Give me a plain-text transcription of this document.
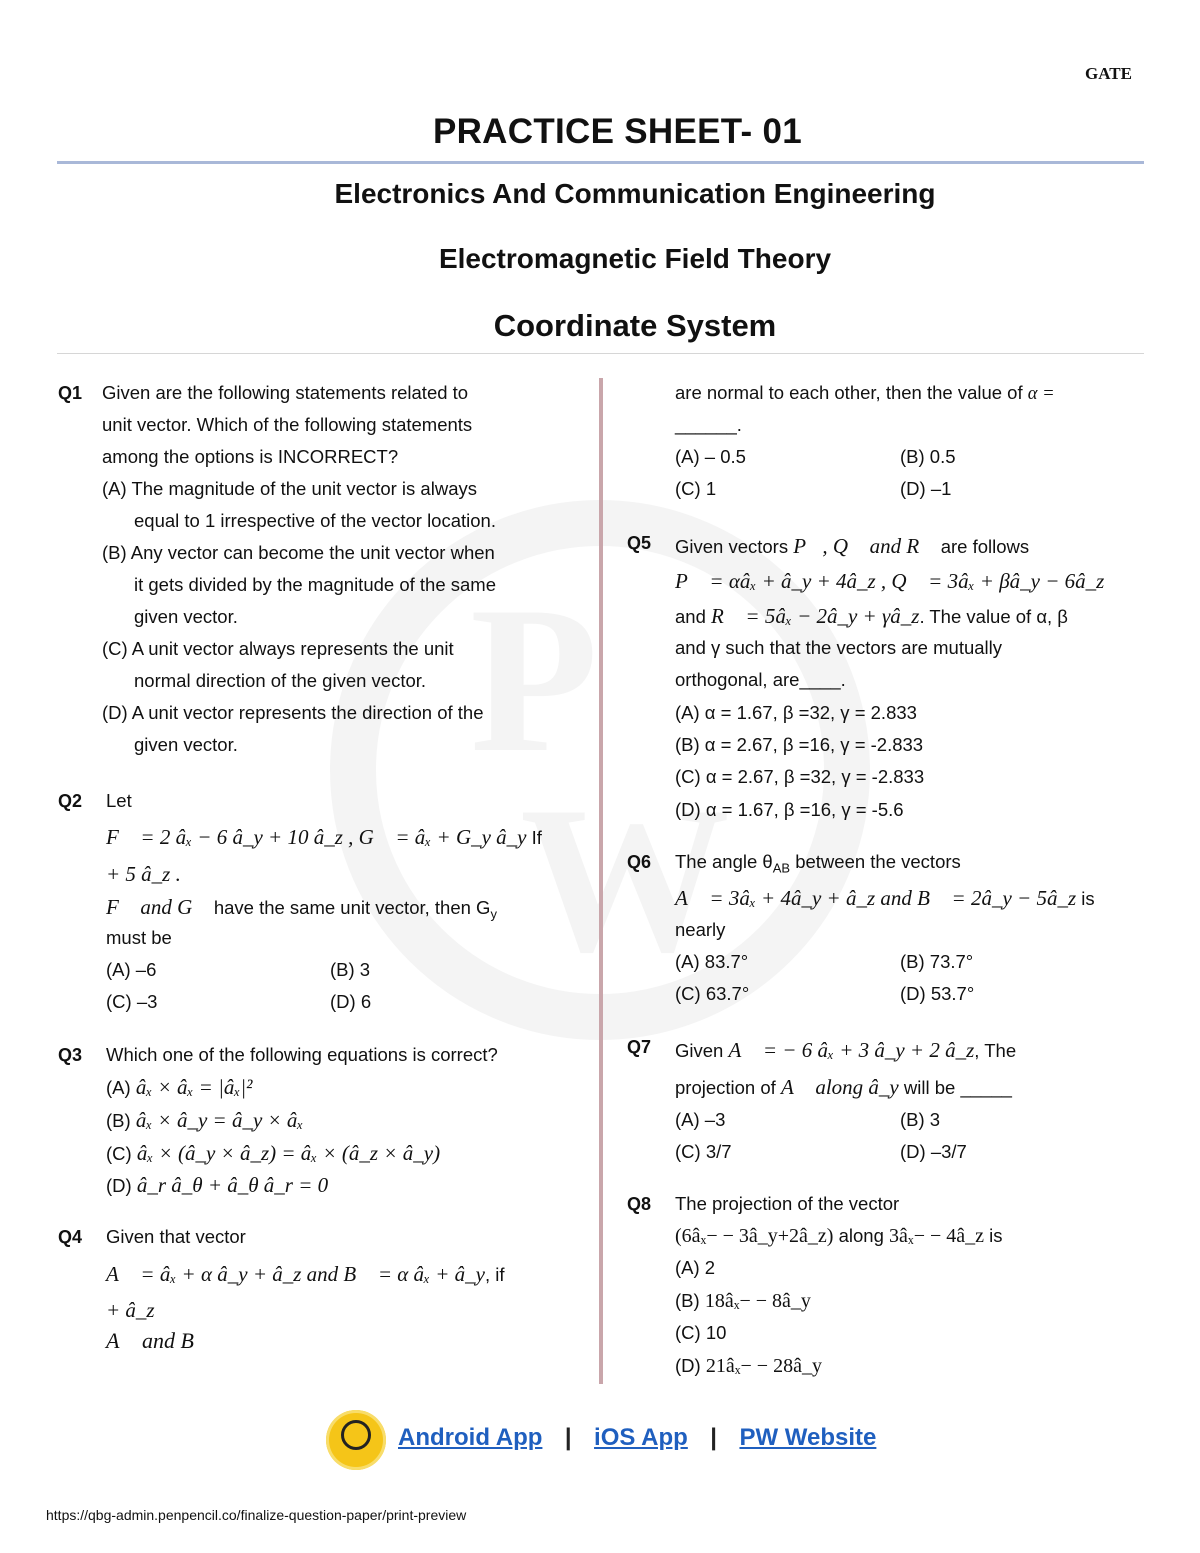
GATE
PRACTICE SHEET- 01
Electronics And Communication Engineering
Electromagnetic Field Theory
Coordinate System
Q1 Given are the following statements related to
unit vector. Which of the following statements
among the options is INCORRECT?
(A) The magnitude of the unit vector is always
equal to 1 irrespective of the vector location.
(B) Any vector can become the unit vector when
it gets divided by the magnitude of the same
given vector.
(C) A unit vector always represents the unit
normal direction of the given vector.
(D) A unit vector represents the direction of the
given vector.
Q2 Let
F⃗ = 2 âₓ − 6 â_y + 10 â_z , G⃗ = âₓ + G_y â_y If
+ 5 â_z .
F⃗ and G⃗ have the same unit vector, then $G_y$
must be
(A) –6	(B) 3
(C) –3	(D) 6
Q3 Which one of the following equations is correct?
(A) âₓ × âₓ = |âₓ|²
(B) âₓ × â_y = â_y × âₓ
(C) âₓ × (â_y × â_z) = âₓ × (â_z × â_y)
(D) â_r â_θ + â_θ â_r = 0
Q4 Given that vector
A⃗ = âₓ + α â_y + â_z and B⃗ = α âₓ + â_y, if
+ â_z
A⃗ and B⃗
are normal to each other, then the value of α =
______.
(A) – 0.5	(B) 0.5
(C) 1	(D) –1
Q5 Given vectors P⃗, Q⃗ and R⃗ are follows
P⃗ = αâₓ + â_y + 4â_z , Q⃗ = 3âₓ + βâ_y − 6â_z
and R⃗ = 5âₓ − 2â_y + γâ_z. The value of α, β
and γ such that the vectors are mutually
orthogonal, are____.
(A) α = 1.67, β =32, γ = 2.833
(B) α = 2.67, β =16, γ = -2.833
(C) α = 2.67, β =32, γ = -2.833
(D) α = 1.67, β =16, γ = -5.6
Q6 The angle $\theta_{AB}$ between the vectors
A⃗ = 3âₓ + 4â_y + â_z and B⃗ = 2â_y − 5â_z is
nearly
(A) 83.7°	(B) 73.7°
(C) 63.7°	(D) 53.7°
Q7 Given A⃗ = − 6 âₓ + 3 â_y + 2 â_z, The
projection of A⃗ along â_y will be _____
(A) –3	(B) 3
(C) 3/7	(D) –3/7
Q8 The projection of the vector
(6âₓ− − 3â_y+2â_z) along 3âₓ− − 4â_z is
(A) 2
(B) 18âₓ− − 8â_y
(C) 10
(D) 21âₓ− − 28â_y
Android App | iOS App | PW Website
https://qbg-admin.penpencil.co/finalize-question-paper/print-preview
